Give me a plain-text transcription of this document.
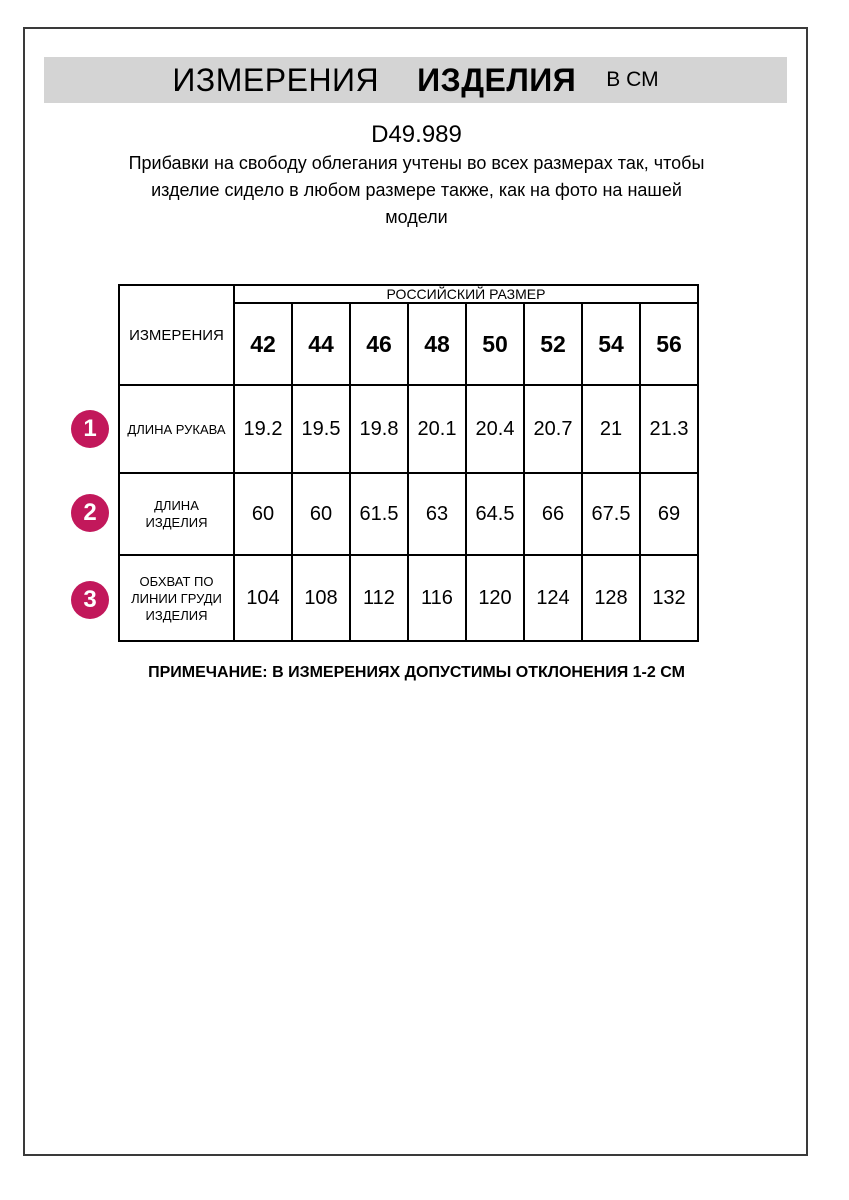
ИЗМЕРЕНИЯ ИЗДЕЛИЯ В СМ
D49.989
Прибавки на свободу облегания учтены во всех размерах так, чтобы
изделие сидело в любом размере также, как на фото на нашей
модели
ИЗМЕРЕНИЯ	РОССИЙСКИЙ РАЗМЕР							
	42	44	46	48	50	52	54	56
ДЛИНА РУКАВА	19.2	19.5	19.8	20.1	20.4	20.7	21	21.3
ДЛИНА ИЗДЕЛИЯ	60	60	61.5	63	64.5	66	67.5	69
ОБХВАТ ПО ЛИНИИ ГРУДИ ИЗДЕЛИЯ	104	108	112	116	120	124	128	132
1
2
3
ПРИМЕЧАНИЕ: В ИЗМЕРЕНИЯХ ДОПУСТИМЫ ОТКЛОНЕНИЯ 1-2 СМ
